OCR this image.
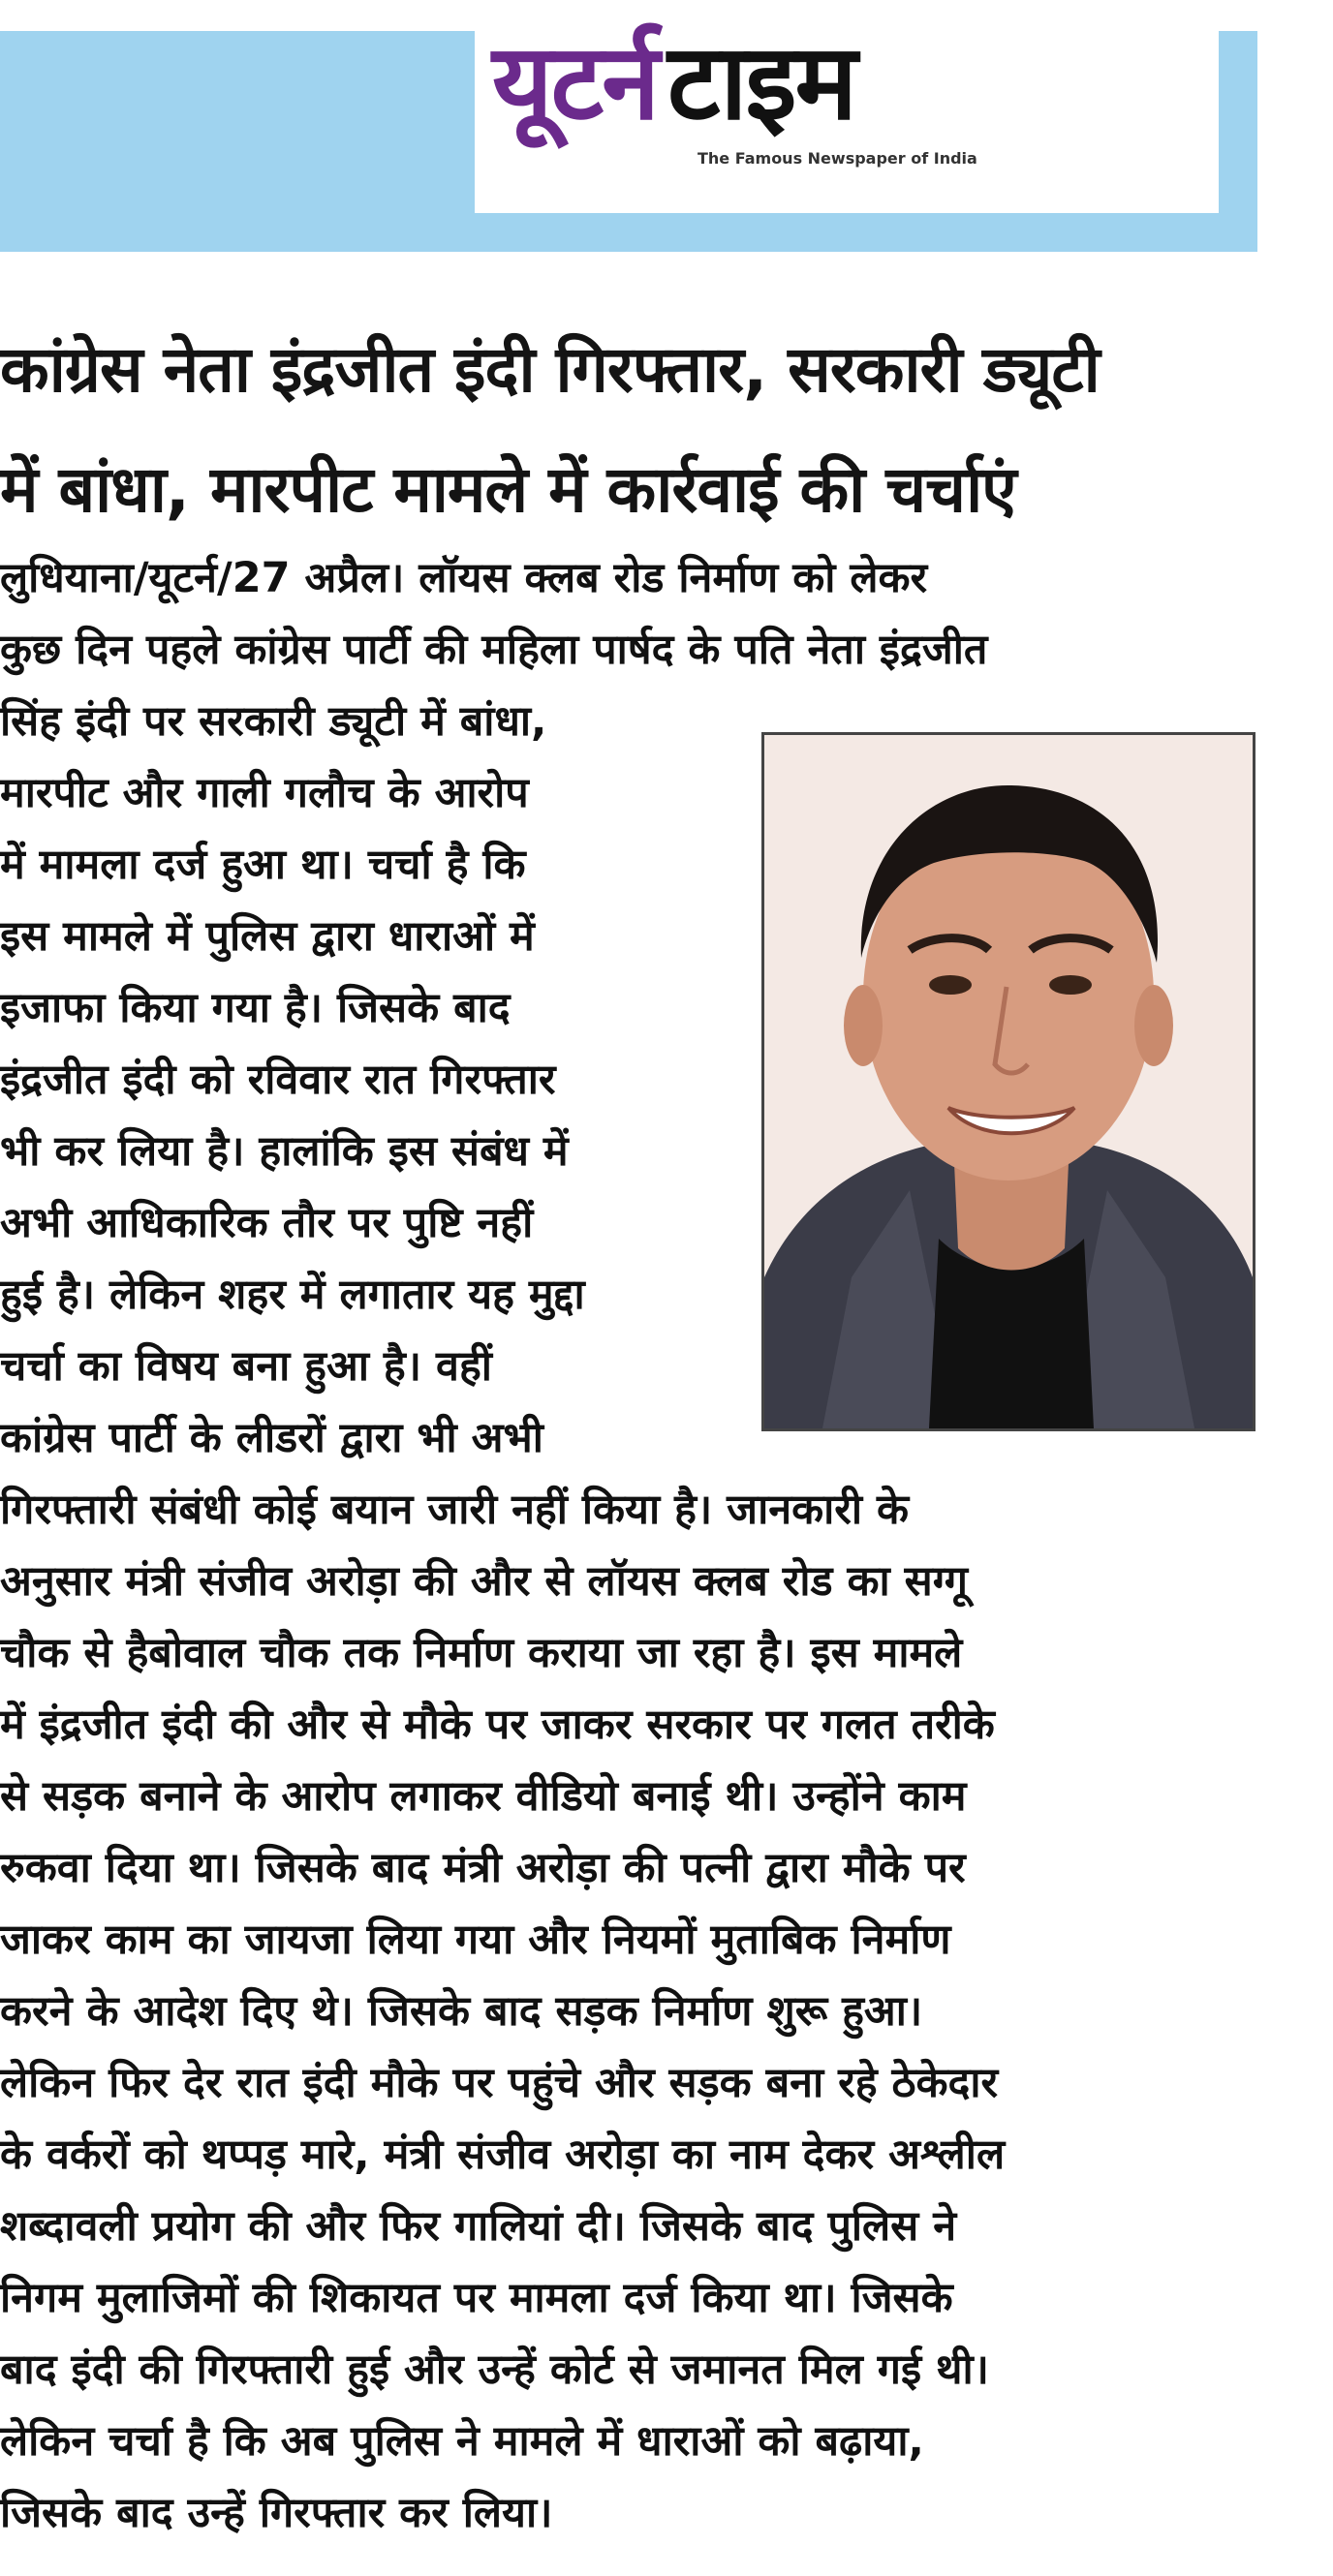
यूटर्नटाइम
The Famous Newspaper of India
कांग्रेस नेता इंद्रजीत इंदी गिरफ्तार, सरकारी ड्यूटी
में बांधा, मारपीट मामले में कार्रवाई की चर्चाएं
लुधियाना/यूटर्न/27 अप्रैल। लॉयस क्लब रोड निर्माण को लेकर
कुछ दिन पहले कांग्रेस पार्टी की महिला पार्षद के पति नेता इंद्रजीत
सिंह इंदी पर सरकारी ड्यूटी में बांधा,
मारपीट और गाली गलौच के आरोप
में मामला दर्ज हुआ था। चर्चा है कि
इस मामले में पुलिस द्वारा धाराओं में
इजाफा किया गया है। जिसके बाद
इंद्रजीत इंदी को रविवार रात गिरफ्तार
भी कर लिया है। हालांकि इस संबंध में
अभी आधिकारिक तौर पर पुष्टि नहीं
हुई है। लेकिन शहर में लगातार यह मुद्दा
चर्चा का विषय बना हुआ है। वहीं
कांग्रेस पार्टी के लीडरों द्वारा भी अभी
गिरफ्तारी संबंधी कोई बयान जारी नहीं किया है। जानकारी के
अनुसार मंत्री संजीव अरोड़ा की और से लॉयस क्लब रोड का सग्गू
चौक से हैबोवाल चौक तक निर्माण कराया जा रहा है। इस मामले
में इंद्रजीत इंदी की और से मौके पर जाकर सरकार पर गलत तरीके
से सड़क बनाने के आरोप लगाकर वीडियो बनाई थी। उन्होंने काम
रुकवा दिया था। जिसके बाद मंत्री अरोड़ा की पत्नी द्वारा मौके पर
जाकर काम का जायजा लिया गया और नियमों मुताबिक निर्माण
करने के आदेश दिए थे। जिसके बाद सड़क निर्माण शुरू हुआ।
लेकिन फिर देर रात इंदी मौके पर पहुंचे और सड़क बना रहे ठेकेदार
के वर्करों को थप्पड़ मारे, मंत्री संजीव अरोड़ा का नाम देकर अश्लील
शब्दावली प्रयोग की और फिर गालियां दी। जिसके बाद पुलिस ने
निगम मुलाजिमों की शिकायत पर मामला दर्ज किया था। जिसके
बाद इंदी की गिरफ्तारी हुई और उन्हें कोर्ट से जमानत मिल गई थी।
लेकिन चर्चा है कि अब पुलिस ने मामले में धाराओं को बढ़ाया,
जिसके बाद उन्हें गिरफ्तार कर लिया।
